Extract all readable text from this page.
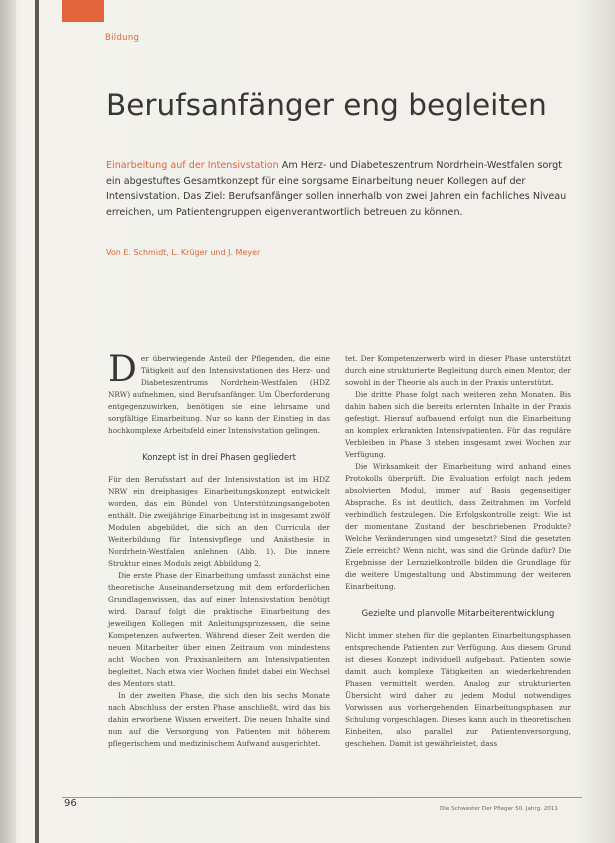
Bildung
Berufsanfänger eng begleiten
Einarbeitung auf der Intensivstation Am Herz- und Diabeteszentrum Nordrhein-Westfalen sorgt ein abgestuftes Gesamtkonzept für eine sorgsame Einarbeitung neuer Kollegen auf der Intensivstation. Das Ziel: Berufsanfänger sollen innerhalb von zwei Jahren ein fachliches Niveau erreichen, um Patientengruppen eigenverantwortlich betreuen zu können.
Von E. Schmidt, L. Krüger und J. Meyer

Der überwiegende Anteil der Pflegenden, die eine Tätigkeit auf den Intensivstationen des Herz- und Diabeteszentrums Nordrhein-Westfalen (HDZ NRW) aufnehmen, sind Berufsanfänger. Um Überforderung entgegenzuwirken, benötigen sie eine lehrsame und sorgfältige Einarbeitung. Nur so kann der Einstieg in das hochkomplexe Arbeitsfeld einer Intensivstation gelingen.

Konzept ist in drei Phasen gegliedert

Für den Berufsstart auf der Intensivstation ist im HDZ NRW ein dreiphasiges Einarbeitungskonzept entwickelt worden, das ein Bündel von Unterstützungsangeboten enthält. Die zweijährige Einarbeitung ist in insgesamt zwölf Modulen abgebildet, die sich an den Curricula der Weiterbildung für Intensivpflege und Anästhesie in Nordrhein-Westfalen anlehnen (Abb. 1). Die innere Struktur eines Moduls zeigt Abbildung 2.

Die erste Phase der Einarbeitung umfasst zunächst eine theoretische Auseinandersetzung mit dem erforderlichen Grundlagenwissen, das auf einer Intensivstation benötigt wird. Darauf folgt die praktische Einarbeitung des jeweiligen Kollegen mit Anleitungsprozessen, die seine Kompetenzen aufwerten. Während dieser Zeit werden die neuen Mitarbeiter über einen Zeitraum von mindestens acht Wochen von Praxisanleitern am Intensivpatienten begleitet. Nach etwa vier Wochen findet dabei ein Wechsel des Mentors statt.

In der zweiten Phase, die sich den bis sechs Monate nach Abschluss der ersten Phase anschließt, wird das bis dahin erworbene Wissen erweitert. Die neuen Inhalte sind nun auf die Versorgung von Patienten mit höherem pflegerischem und medizinischem Aufwand ausgerichtet.

tet. Der Kompetenzerwerb wird in dieser Phase unterstützt durch eine strukturierte Begleitung durch einen Mentor, der sowohl in der Theorie als auch in der Praxis unterstützt.

Die dritte Phase folgt nach weiteren zehn Monaten. Bis dahin haben sich die bereits erlernten Inhalte in der Praxis gefestigt. Hierauf aufbauend erfolgt nun die Einarbeitung an komplex erkrankten Intensivpatienten. Für das reguläre Verbleiben in Phase 3 stehen insgesamt zwei Wochen zur Verfügung.

Die Wirksamkeit der Einarbeitung wird anhand eines Protokolls überprüft. Die Evaluation erfolgt nach jedem absolvierten Modul, immer auf Basis gegenseitiger Absprache. Es ist deutlich, dass Zeitrahmen im Vorfeld verbindlich festzulegen. Die Erfolgskontrolle zeigt: Wie ist der momentane Zustand der beschriebenen Produkte? Welche Veränderungen sind umgesetzt? Sind die gesetzten Ziele erreicht? Wenn nicht, was sind die Gründe dafür? Die Ergebnisse der Lernzielkontrolle bilden die Grundlage für die weitere Umgestaltung und Abstimmung der weiteren Einarbeitung.

Gezielte und planvolle Mitarbeiterentwicklung

Nicht immer stehen für die geplanten Einarbeitungsphasen entsprechende Patienten zur Verfügung. Aus diesem Grund ist dieses Konzept individuell aufgebaut. Patienten sowie damit auch komplexe Tätigkeiten an wiederkehrenden Phasen vermittelt werden. Analog zur strukturierten Übersicht wird daher zu jedem Modul notwendiges Vorwissen aus vorhergehenden Einarbeitungsphasen zur Schulung vorgeschlagen. Dieses kann auch in theoretischen Einheiten, also parallel zur Patientenversorgung, geschehen. Damit ist gewährleistet, dass

96	Die Schwester Der Pfleger 50. Jahrg. 2011
